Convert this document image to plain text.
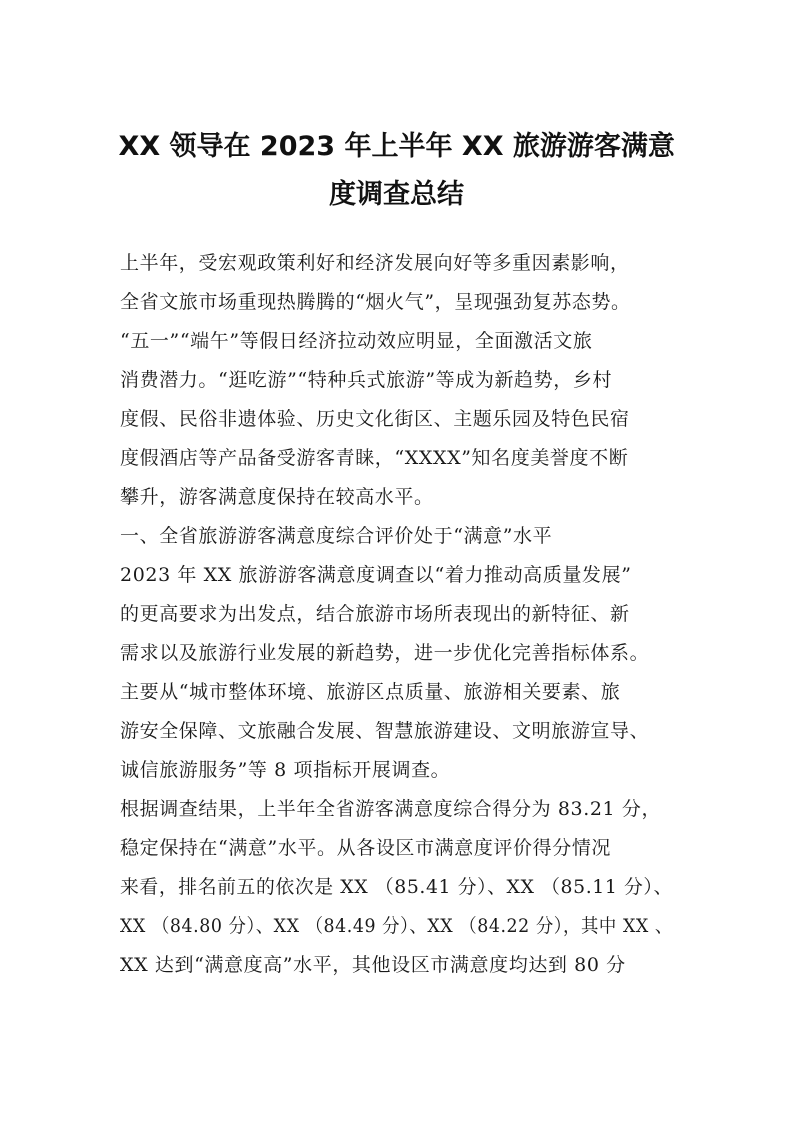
XX 领导在 2023 年上半年 XX 旅游游客满意
度调查总结
上半年，受宏观政策利好和经济发展向好等多重因素影响，
全省文旅市场重现热腾腾的“烟火气”，呈现强劲复苏态势。
“五一”“端午”等假日经济拉动效应明显，全面激活文旅
消费潜力。“逛吃游”“特种兵式旅游”等成为新趋势，乡村
度假、民俗非遗体验、历史文化街区、主题乐园及特色民宿
度假酒店等产品备受游客青睐，“XXXX”知名度美誉度不断
攀升，游客满意度保持在较高水平。
一、全省旅游游客满意度综合评价处于“满意”水平
2023 年 XX 旅游游客满意度调查以“着力推动高质量发展”
的更高要求为出发点，结合旅游市场所表现出的新特征、新
需求以及旅游行业发展的新趋势，进一步优化完善指标体系。
主要从“城市整体环境、旅游区点质量、旅游相关要素、旅
游安全保障、文旅融合发展、智慧旅游建设、文明旅游宣导、
诚信旅游服务”等 8 项指标开展调查。
根据调查结果，上半年全省游客满意度综合得分为 83.21 分，
稳定保持在“满意”水平。从各设区市满意度评价得分情况
来看，排名前五的依次是 XX （85.41 分）、XX （85.11 分）、
XX （84.80 分）、XX （84.49 分）、XX （84.22 分），其中 XX 、
XX 达到“满意度高”水平，其他设区市满意度均达到 80 分
